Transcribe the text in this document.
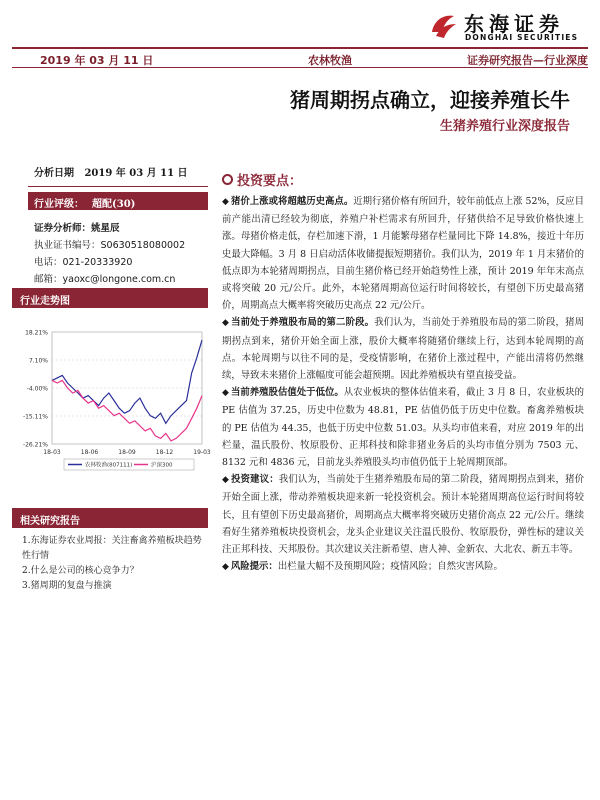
东海证券
DONGHAI SECURITIES
2019 年 03 月 11 日	农林牧渔	证券研究报告—行业深度
猪周期拐点确立，迎接养殖长牛
生猪养殖行业深度报告
分析日期 2019 年 03 月 11 日
行业评级： 超配(30)
证券分析师：姚星辰
执业证书编号：S0630518080002
电话：021-20333920
邮箱：yaoxc@longone.com.cn
行业走势图
18.21%
7.10%
-4.00%
-15.11%
-26.21%
18-03	18-06	18-09	18-12	19-03
农林牧渔(807111)	沪深300
相关研究报告
1.东海证券农业周报：关注畜禽养殖板块趋势性行情
2.什么是公司的核心竞争力？
3.猪周期的复盘与推演
投资要点：

◆ 猪价上涨或将超越历史高点。近期行猪价格有所回升，较年前低点上涨 52%，反应目前产能出清已经较为彻底，养殖户补栏需求有所回升，仔猪供给不足导致价格快速上涨。母猪价格走低，存栏加速下滑，1 月能繁母猪存栏量同比下降 14.8%，接近十年历史最大降幅。3 月 8 日启动活体收储提振短期猪价。我们认为，2019 年 1 月末猪价的低点即为本轮猪周期拐点，目前生猪价格已经开始趋势性上涨，预计 2019 年年末高点或将突破 20 元/公斤。此外，本轮猪周期高位运行时间将较长，有望创下历史最高猪价，周期高点大概率将突破历史高点 22 元/公斤。

◆ 当前处于养殖股布局的第二阶段。我们认为，当前处于养殖股布局的第二阶段，猪周期拐点到来，猪价开始全面上涨，股价大概率将随猪价继续上行，达到本轮周期的高点。本轮周期与以往不同的是，受疫情影响，在猪价上涨过程中，产能出清将仍然继续，导致未来猪价上涨幅度可能会超预期。因此养殖板块有望直接受益。

◆ 当前养殖股估值处于低位。从农业板块的整体估值来看，截止 3 月 8 日，农业板块的 PE 估值为 37.25，历史中位数为 48.81，PE 估值仍低于历史中位数。畜禽养殖板块的 PE 估值为 44.35，也低于历史中位数 51.03。从头均市值来看，对应 2019 年的出栏量，温氏股份、牧原股份、正邦科技和除非猪业务后的头均市值分别为 7503 元、8132 元和 4836 元，目前龙头养殖股头均市值仍低于上轮周期顶部。

◆ 投资建议：我们认为，当前处于生猪养殖股布局的第二阶段，猪周期拐点到来，猪价开始全面上涨，带动养殖板块迎来新一轮投资机会。预计本轮猪周期高位运行时间将较长，且有望创下历史最高猪价，周期高点大概率将突破历史猪价高点 22 元/公斤。继续看好生猪养殖板块投资机会，龙头企业建议关注温氏股份、牧原股份，弹性标的建议关注正邦科技、天邦股份。其次建议关注新希望、唐人神、金新农、大北农、新五丰等。

◆ 风险提示：出栏量大幅不及预期风险；疫情风险；自然灾害风险。
